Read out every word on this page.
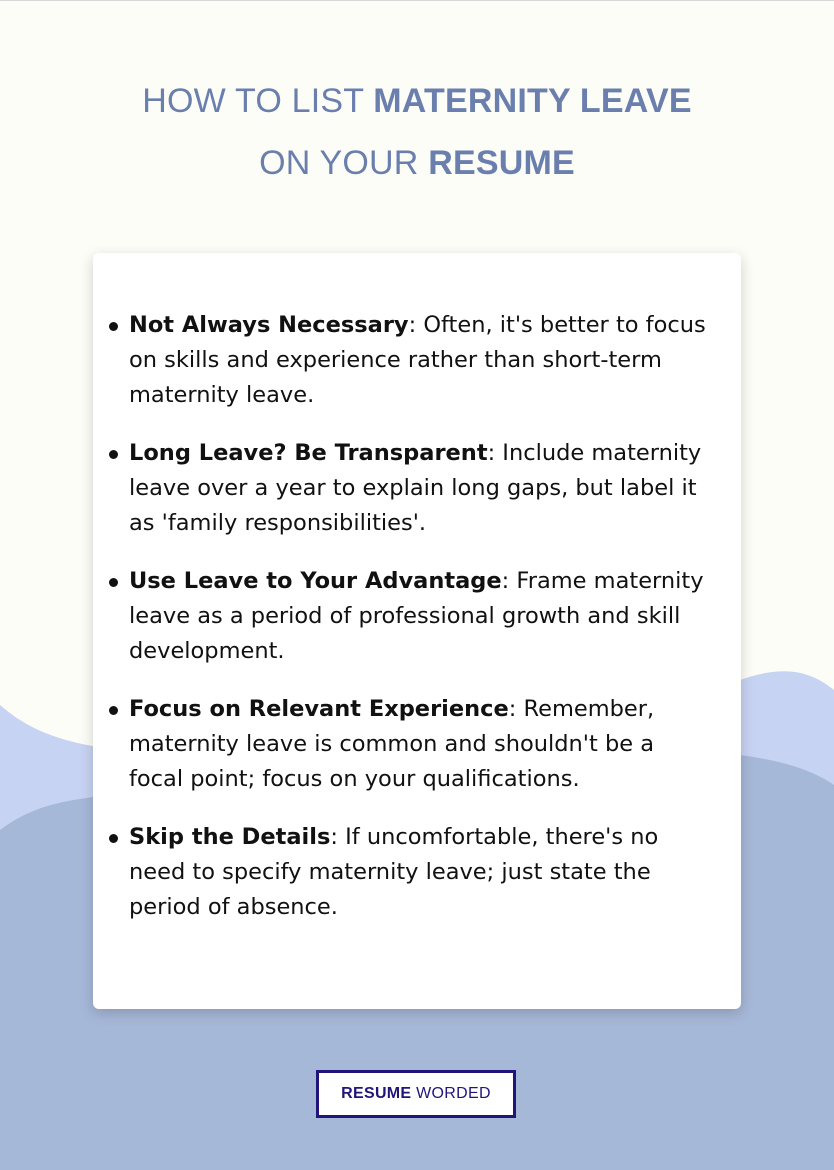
HOW TO LIST MATERNITY LEAVE
ON YOUR RESUME
Not Always Necessary: Often, it's better to focus on skills and experience rather than short-term maternity leave.
Long Leave? Be Transparent: Include maternity leave over a year to explain long gaps, but label it as 'family responsibilities'.
Use Leave to Your Advantage: Frame maternity leave as a period of professional growth and skill development.
Focus on Relevant Experience: Remember, maternity leave is common and shouldn't be a focal point; focus on your qualifications.
Skip the Details: If uncomfortable, there's no need to specify maternity leave; just state the period of absence.
RESUME WORDED
